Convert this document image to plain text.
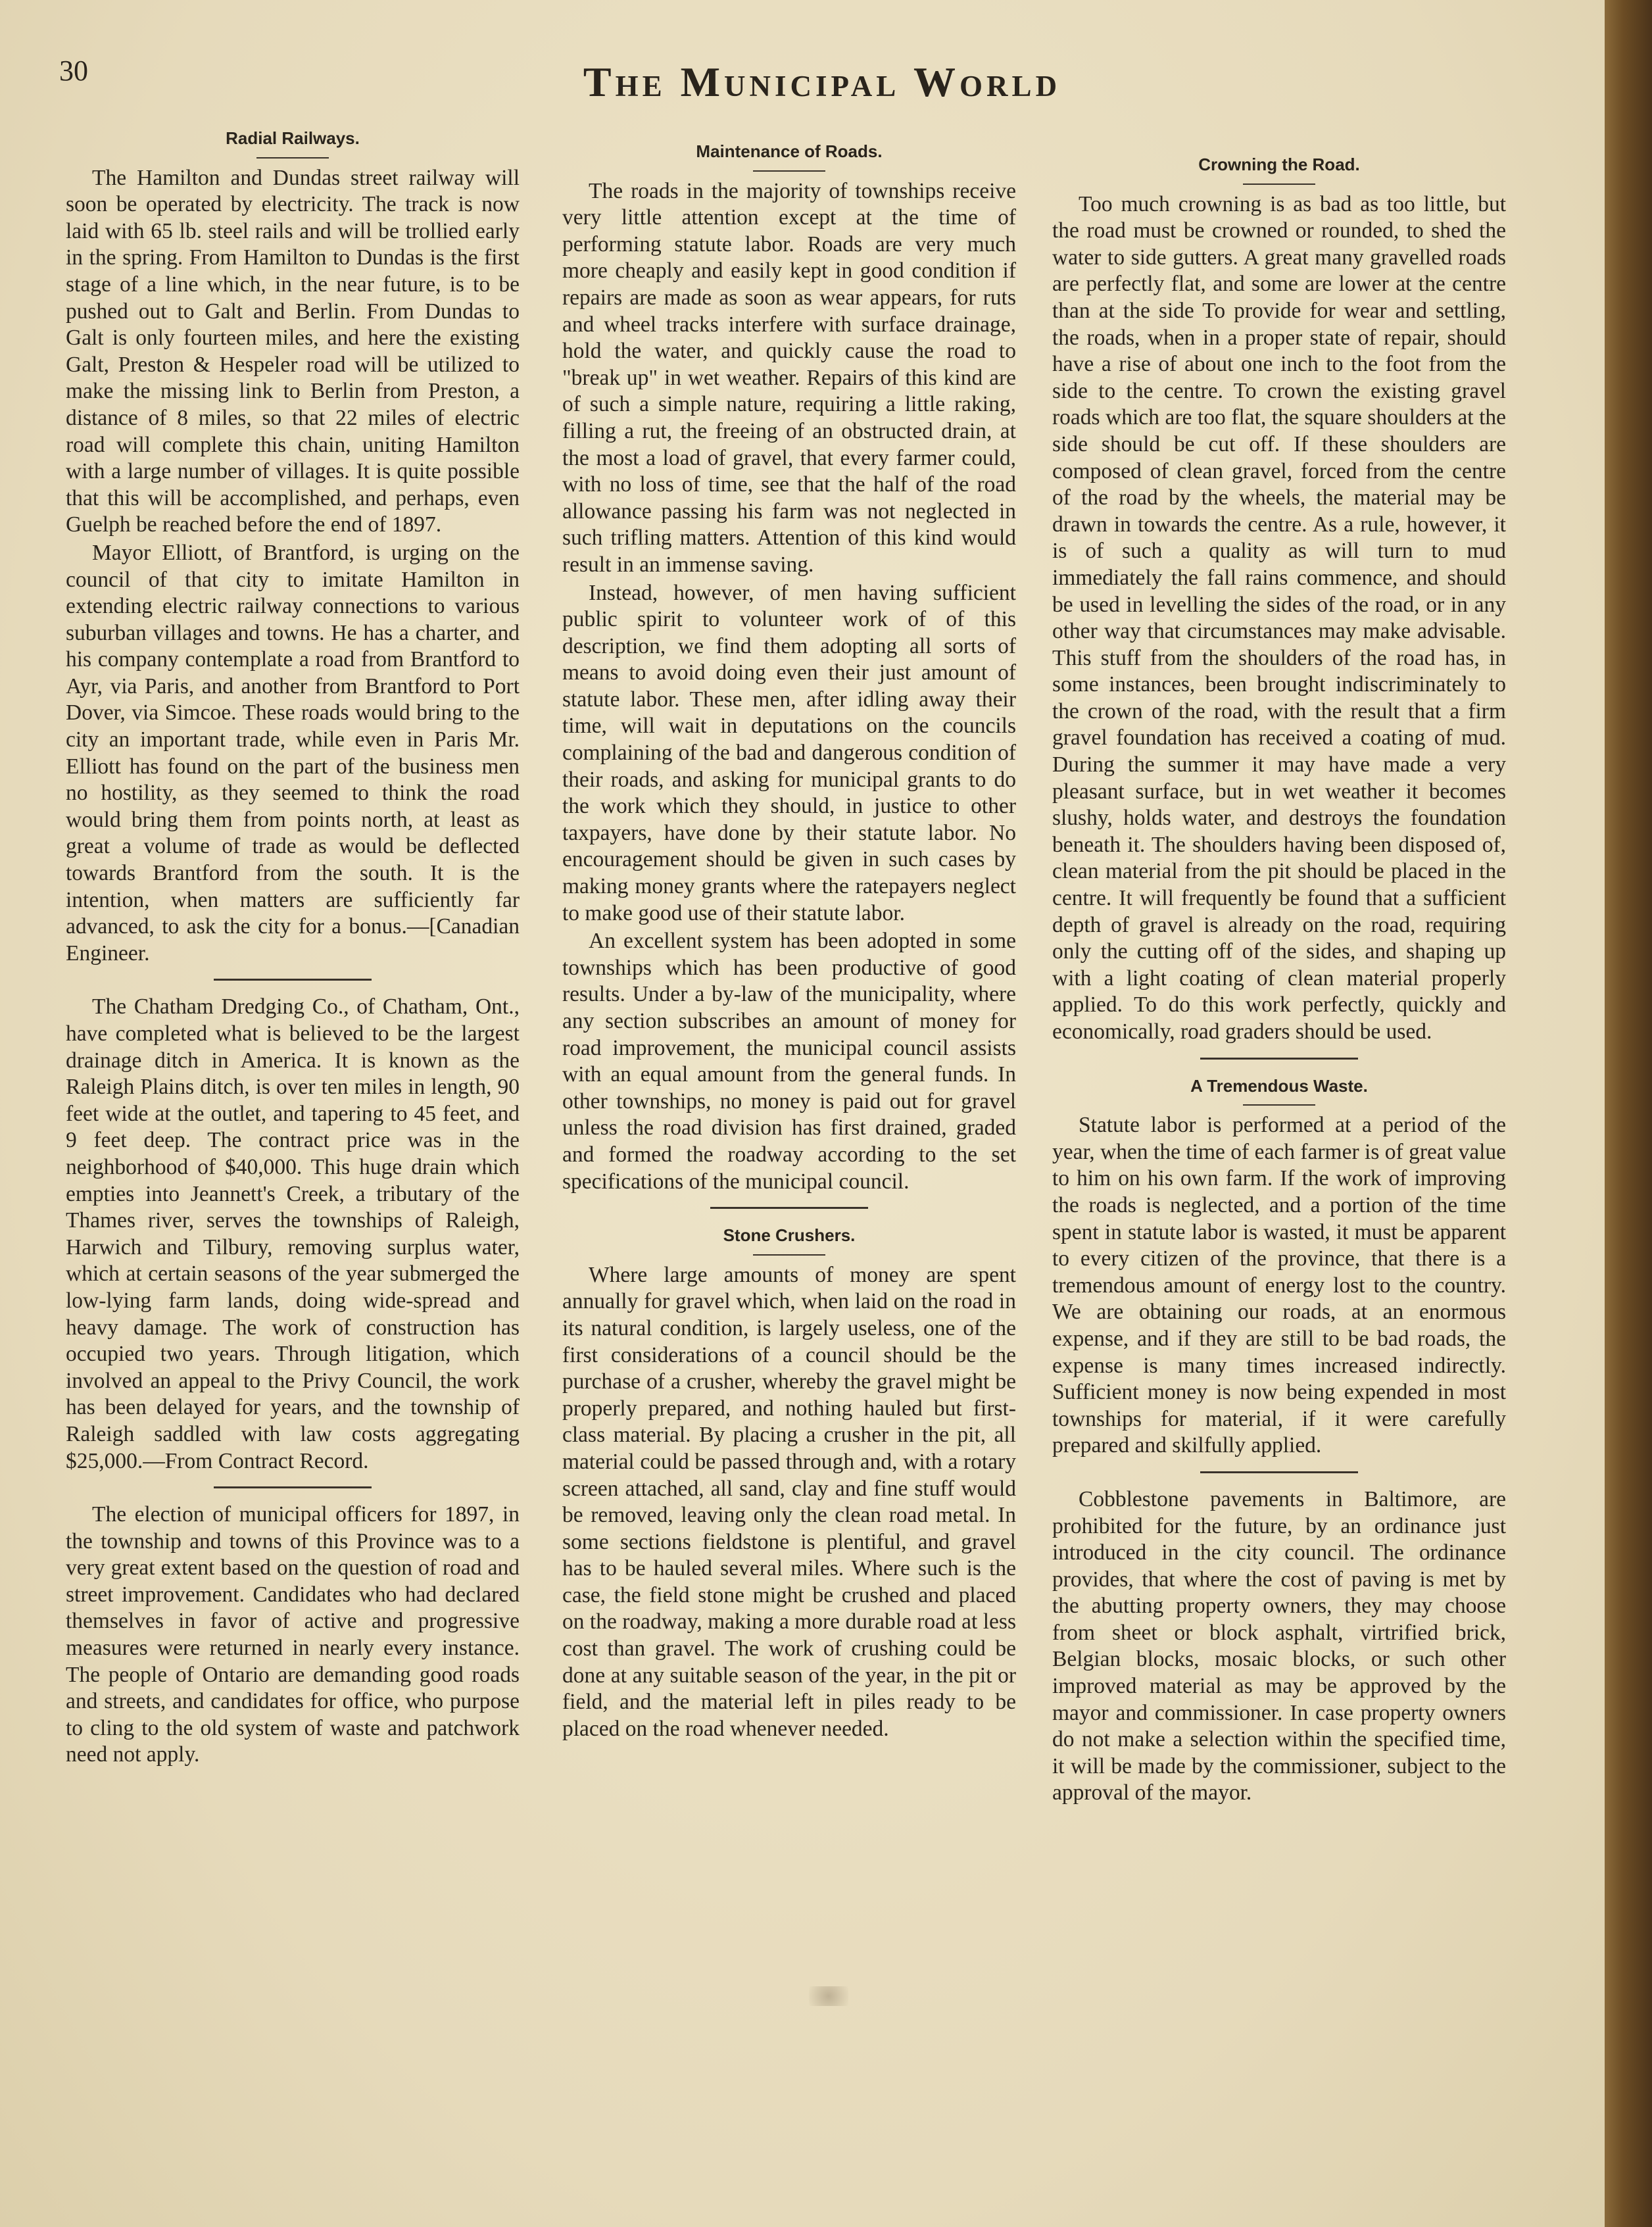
30	The Municipal World
Radial Railways.

The Hamilton and Dundas street railway will soon be operated by electricity. The track is now laid with 65 lb. steel rails and will be trollied early in the spring. From Hamilton to Dundas is the first stage of a line which, in the near future, is to be pushed out to Galt and Berlin. From Dundas to Galt is only fourteen miles, and here the existing Galt, Preston & Hespeler road will be utilized to make the missing link to Berlin from Preston, a distance of 8 miles, so that 22 miles of electric road will complete this chain, uniting Hamilton with a large number of villages. It is quite possible that this will be accomplished, and perhaps, even Guelph be reached before the end of 1897.

Mayor Elliott, of Brantford, is urging on the council of that city to imitate Hamilton in extending electric railway connections to various suburban villages and towns. He has a charter, and his company contemplate a road from Brantford to Ayr, via Paris, and another from Brantford to Port Dover, via Simcoe. These roads would bring to the city an important trade, while even in Paris Mr. Elliott has found on the part of the business men no hostility, as they seemed to think the road would bring them from points north, at least as great a volume of trade as would be deflected towards Brantford from the south. It is the intention, when matters are sufficiently far advanced, to ask the city for a bonus.—[Canadian Engineer.

The Chatham Dredging Co., of Chatham, Ont., have completed what is believed to be the largest drainage ditch in America. It is known as the Raleigh Plains ditch, is over ten miles in length, 90 feet wide at the outlet, and tapering to 45 feet, and 9 feet deep. The contract price was in the neighborhood of $40,000. This huge drain which empties into Jeannett's Creek, a tributary of the Thames river, serves the townships of Raleigh, Harwich and Tilbury, removing surplus water, which at certain seasons of the year submerged the low-lying farm lands, doing wide-spread and heavy damage. The work of construction has occupied two years. Through litigation, which involved an appeal to the Privy Council, the work has been delayed for years, and the township of Raleigh saddled with law costs aggregating $25,000.—From Contract Record.

The election of municipal officers for 1897, in the township and towns of this Province was to a very great extent based on the question of road and street improvement. Candidates who had declared themselves in favor of active and progressive measures were returned in nearly every instance. The people of Ontario are demanding good roads and streets, and candidates for office, who purpose to cling to the old system of waste and patchwork need not apply.

Maintenance of Roads.

The roads in the majority of townships receive very little attention except at the time of performing statute labor. Roads are very much more cheaply and easily kept in good condition if repairs are made as soon as wear appears, for ruts and wheel tracks interfere with surface drainage, hold the water, and quickly cause the road to "break up" in wet weather. Repairs of this kind are of such a simple nature, requiring a little raking, filling a rut, the freeing of an obstructed drain, at the most a load of gravel, that every farmer could, with no loss of time, see that the half of the road allowance passing his farm was not neglected in such trifling matters. Attention of this kind would result in an immense saving.

Instead, however, of men having sufficient public spirit to volunteer work of of this description, we find them adopting all sorts of means to avoid doing even their just amount of statute labor. These men, after idling away their time, will wait in deputations on the councils complaining of the bad and dangerous condition of their roads, and asking for municipal grants to do the work which they should, in justice to other taxpayers, have done by their statute labor. No encouragement should be given in such cases by making money grants where the ratepayers neglect to make good use of their statute labor.

An excellent system has been adopted in some townships which has been productive of good results. Under a by-law of the municipality, where any section subscribes an amount of money for road improvement, the municipal council assists with an equal amount from the general funds. In other townships, no money is paid out for gravel unless the road division has first drained, graded and formed the roadway according to the set specifications of the municipal council.

Stone Crushers.

Where large amounts of money are spent annually for gravel which, when laid on the road in its natural condition, is largely useless, one of the first considerations of a council should be the purchase of a crusher, whereby the gravel might be properly prepared, and nothing hauled but first-class material. By placing a crusher in the pit, all material could be passed through and, with a rotary screen attached, all sand, clay and fine stuff would be removed, leaving only the clean road metal. In some sections fieldstone is plentiful, and gravel has to be hauled several miles. Where such is the case, the field stone might be crushed and placed on the roadway, making a more durable road at less cost than gravel. The work of crushing could be done at any suitable season of the year, in the pit or field, and the material left in piles ready to be placed on the road whenever needed.

Crowning the Road.

Too much crowning is as bad as too little, but the road must be crowned or rounded, to shed the water to side gutters. A great many gravelled roads are perfectly flat, and some are lower at the centre than at the side To provide for wear and settling, the roads, when in a proper state of repair, should have a rise of about one inch to the foot from the side to the centre. To crown the existing gravel roads which are too flat, the square shoulders at the side should be cut off. If these shoulders are composed of clean gravel, forced from the centre of the road by the wheels, the material may be drawn in towards the centre. As a rule, however, it is of such a quality as will turn to mud immediately the fall rains commence, and should be used in levelling the sides of the road, or in any other way that circumstances may make advisable. This stuff from the shoulders of the road has, in some instances, been brought indiscriminately to the crown of the road, with the result that a firm gravel foundation has received a coating of mud. During the summer it may have made a very pleasant surface, but in wet weather it becomes slushy, holds water, and destroys the foundation beneath it. The shoulders having been disposed of, clean material from the pit should be placed in the centre. It will frequently be found that a sufficient depth of gravel is already on the road, requiring only the cutting off of the sides, and shaping up with a light coating of clean material properly applied. To do this work perfectly, quickly and economically, road graders should be used.

A Tremendous Waste.

Statute labor is performed at a period of the year, when the time of each farmer is of great value to him on his own farm. If the work of improving the roads is neglected, and a portion of the time spent in statute labor is wasted, it must be apparent to every citizen of the province, that there is a tremendous amount of energy lost to the country. We are obtaining our roads, at an enormous expense, and if they are still to be bad roads, the expense is many times increased indirectly. Sufficient money is now being expended in most townships for material, if it were carefully prepared and skilfully applied.

Cobblestone pavements in Baltimore, are prohibited for the future, by an ordinance just introduced in the city council. The ordinance provides, that where the cost of paving is met by the abutting property owners, they may choose from sheet or block asphalt, virtrified brick, Belgian blocks, mosaic blocks, or such other improved material as may be approved by the mayor and commissioner. In case property owners do not make a selection within the specified time, it will be made by the commissioner, subject to the approval of the mayor.
